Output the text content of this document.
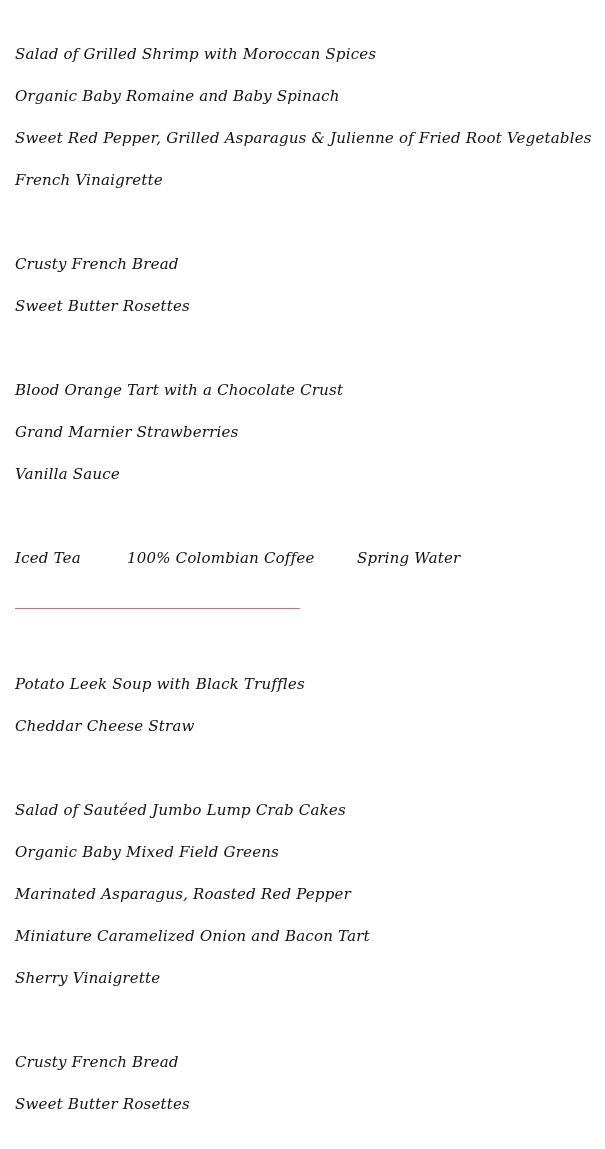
Salad of Grilled Shrimp with Moroccan Spices
Organic Baby Romaine and Baby Spinach
Sweet Red Pepper, Grilled Asparagus & Julienne of Fried Root Vegetables
French Vinaigrette
Crusty French Bread
Sweet Butter Rosettes
Blood Orange Tart with a Chocolate Crust
Grand Marnier Strawberries
Vanilla Sauce
Iced Tea	100% Colombian Coffee	Spring Water
______________________________________
Potato Leek Soup with Black Truffles
Cheddar Cheese Straw
Salad of Sautéed Jumbo Lump Crab Cakes
Organic Baby Mixed Field Greens
Marinated Asparagus, Roasted Red Pepper
Miniature Caramelized Onion and Bacon Tart
Sherry Vinaigrette
Crusty French Bread
Sweet Butter Rosettes
